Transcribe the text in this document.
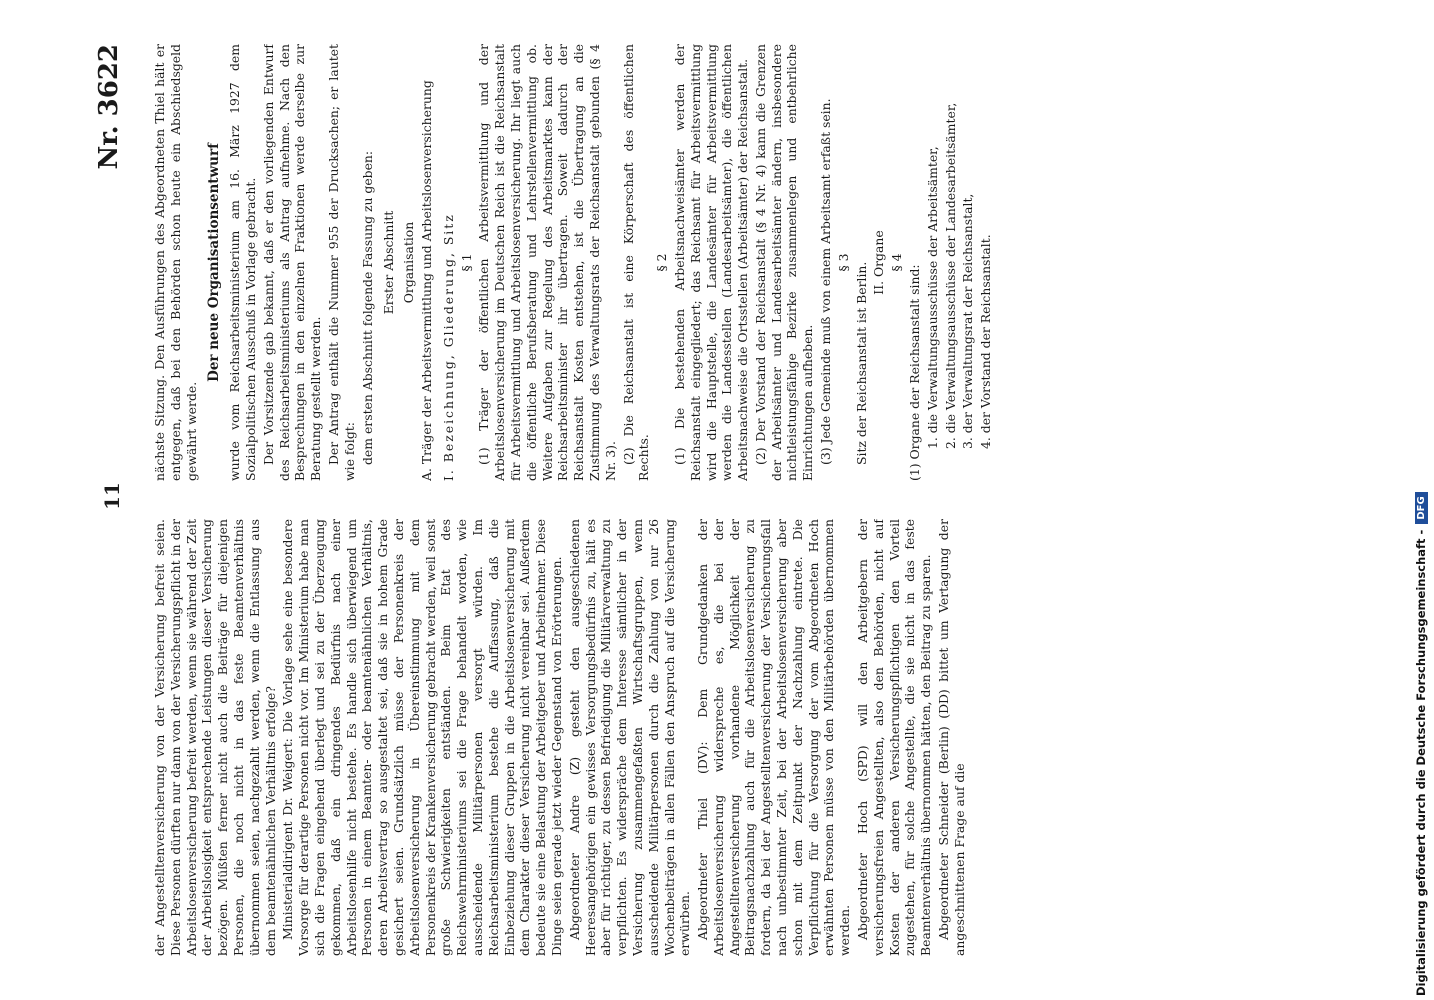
11
Nr. 3622

der Angestelltenversicherung von der Versicherung befreit seien. Diese Personen dürften nur dann von der Versicherungspflicht in der Arbeitslosenversicherung befreit werden, wenn sie während der Zeit der Arbeitslosigkeit entsprechende Leistungen dieser Versicherung bezögen. Müßten ferner nicht auch die Beiträge für diejenigen Personen, die noch nicht in das feste Beamtenverhältnis übernommen seien, nachgezahlt werden, wenn die Entlassung aus dem beamtenähnlichen Verhältnis erfolge? Ministerialdirigent Dr. Weigert: Die Vorlage sehe eine besondere Vorsorge für derartige Personen nicht vor. Im Ministerium habe man sich die Fragen eingehend überlegt und sei zu der Überzeugung gekommen, daß ein dringendes Bedürfnis nach einer Arbeitslosenhilfe nicht bestehe. Es handle sich überwiegend um Personen in einem Beamten- oder beamtenähnlichen Verhältnis, deren Arbeitsvertrag so ausgestaltet sei, daß sie in hohem Grade gesichert seien. Grundsätzlich müsse der Personenkreis der Arbeitslosenversicherung in Übereinstimmung mit dem Personenkreis der Krankenversicherung gebracht werden, weil sonst große Schwierigkeiten entständen. Beim Etat des Reichswehrministeriums sei die Frage behandelt worden, wie ausscheidende Militärpersonen versorgt würden. Im Reichsarbeitsministerium bestehe die Auffassung, daß die Einbeziehung dieser Gruppen in die Arbeitslosenversicherung mit dem Charakter dieser Versicherung nicht vereinbar sei. Außerdem bedeute sie eine Belastung der Arbeitgeber und Arbeitnehmer. Diese Dinge seien gerade jetzt wieder Gegenstand von Erörterungen. Abgeordneter Andre (Z) gesteht den ausgeschiedenen Heeresangehörigen ein gewisses Versorgungsbedürfnis zu, hält es aber für richtiger, zu dessen Befriedigung die Militärverwaltung zu verpflichten. Es widerspräche dem Interesse sämtlicher in der Versicherung zusammengefaßten Wirtschaftsgruppen, wenn ausscheidende Militärpersonen durch die Zahlung von nur 26 Wochenbeiträgen in allen Fällen den Anspruch auf die Versicherung erwürben. Abgeordneter Thiel (DV): Dem Grundgedanken der Arbeitslosenversicherung widerspreche es, die bei der Angestelltenversicherung vorhandene Möglichkeit der Beitragsnachzahlung auch für die Arbeitslosenversicherung zu fordern, da bei der Angestelltenversicherung der Versicherungsfall nach unbestimmter Zeit, bei der Arbeitslosenversicherung aber schon mit dem Zeitpunkt der Nachzahlung eintrete. Die Verpflichtung für die Versorgung der vom Abgeordneten Hoch erwähnten Personen müsse von den Militärbehörden übernommen werden. Abgeordneter Hoch (SPD) will den Arbeitgebern der versicherungsfreien Angestellten, also den Behörden, nicht auf Kosten der anderen Versicherungspflichtigen den Vorteil zugestehen, für solche Angestellte, die sie nicht in das feste Beamtenverhältnis übernommen hätten, den Beitrag zu sparen. Abgeordneter Schneider (Berlin) (DD) bittet um Vertagung der angeschnittenen Frage auf die

nächste Sitzung. Den Ausführungen des Abgeordneten Thiel hält er entgegen, daß bei den Behörden schon heute ein Abschiedsgeld gewährt werde.

Der neue Organisationsentwurf wurde vom Reichsarbeitsministerium am 16. März 1927 dem Sozialpolitischen Ausschuß in Vorlage gebracht. Der Vorsitzende gab bekannt, daß er den vorliegenden Entwurf des Reichsarbeitsministeriums als Antrag aufnehme. Nach den Besprechungen in den einzelnen Fraktionen werde derselbe zur Beratung gestellt werden. Der Antrag enthält die Nummer 955 der Drucksachen; er lautet wie folgt: dem ersten Abschnitt folgende Fassung zu geben: Erster Abschnitt Organisation A. Träger der Arbeitsvermittlung und Arbeitslosenversicherung I. Bezeichnung, Gliederung, Sitz § 1 (1) Träger der öffentlichen Arbeitsvermittlung und der Arbeitslosenversicherung im Deutschen Reich ist die Reichsanstalt für Arbeitsvermittlung und Arbeitslosenversicherung. Ihr liegt auch die öffentliche Berufsberatung und Lehrstellenvermittlung ob. Weitere Aufgaben zur Regelung des Arbeitsmarktes kann der Reichsarbeitsminister ihr übertragen. Soweit dadurch der Reichsanstalt Kosten entstehen, ist die Übertragung an die Zustimmung des Verwaltungsrats der Reichsanstalt gebunden (§ 4 Nr. 3). (2) Die Reichsanstalt ist eine Körperschaft des öffentlichen Rechts.

§ 2 (1) Die bestehenden Arbeitsnachweisämter werden der Reichsanstalt eingegliedert; das Reichsamt für Arbeitsvermittlung wird die Hauptstelle, die Landesämter für Arbeitsvermittlung werden die Landesstellen (Landesarbeitsämter), die öffentlichen Arbeitsnachweise die Ortsstellen (Arbeitsämter) der Reichsanstalt. (2) Der Vorstand der Reichsanstalt (§ 4 Nr. 4) kann die Grenzen der Arbeitsämter und Landesarbeitsämter ändern, insbesondere nichtleistungsfähige Bezirke zusammenlegen und entbehrliche Einrichtungen aufheben. (3) Jede Gemeinde muß von einem Arbeitsamt erfaßt sein. § 3 Sitz der Reichsanstalt ist Berlin. II. Organe § 4

(1) Organe der Reichsanstalt sind: 1. die Verwaltungsausschüsse der Arbeitsämter, 2. die Verwaltungsausschüsse der Landesarbeitsämter, 3. der Verwaltungsrat der Reichsanstalt, 4. der Vorstand der Reichsanstalt.

Digitalisierung gefördert durch die Deutsche Forschungsgemeinschaft -
DFG
